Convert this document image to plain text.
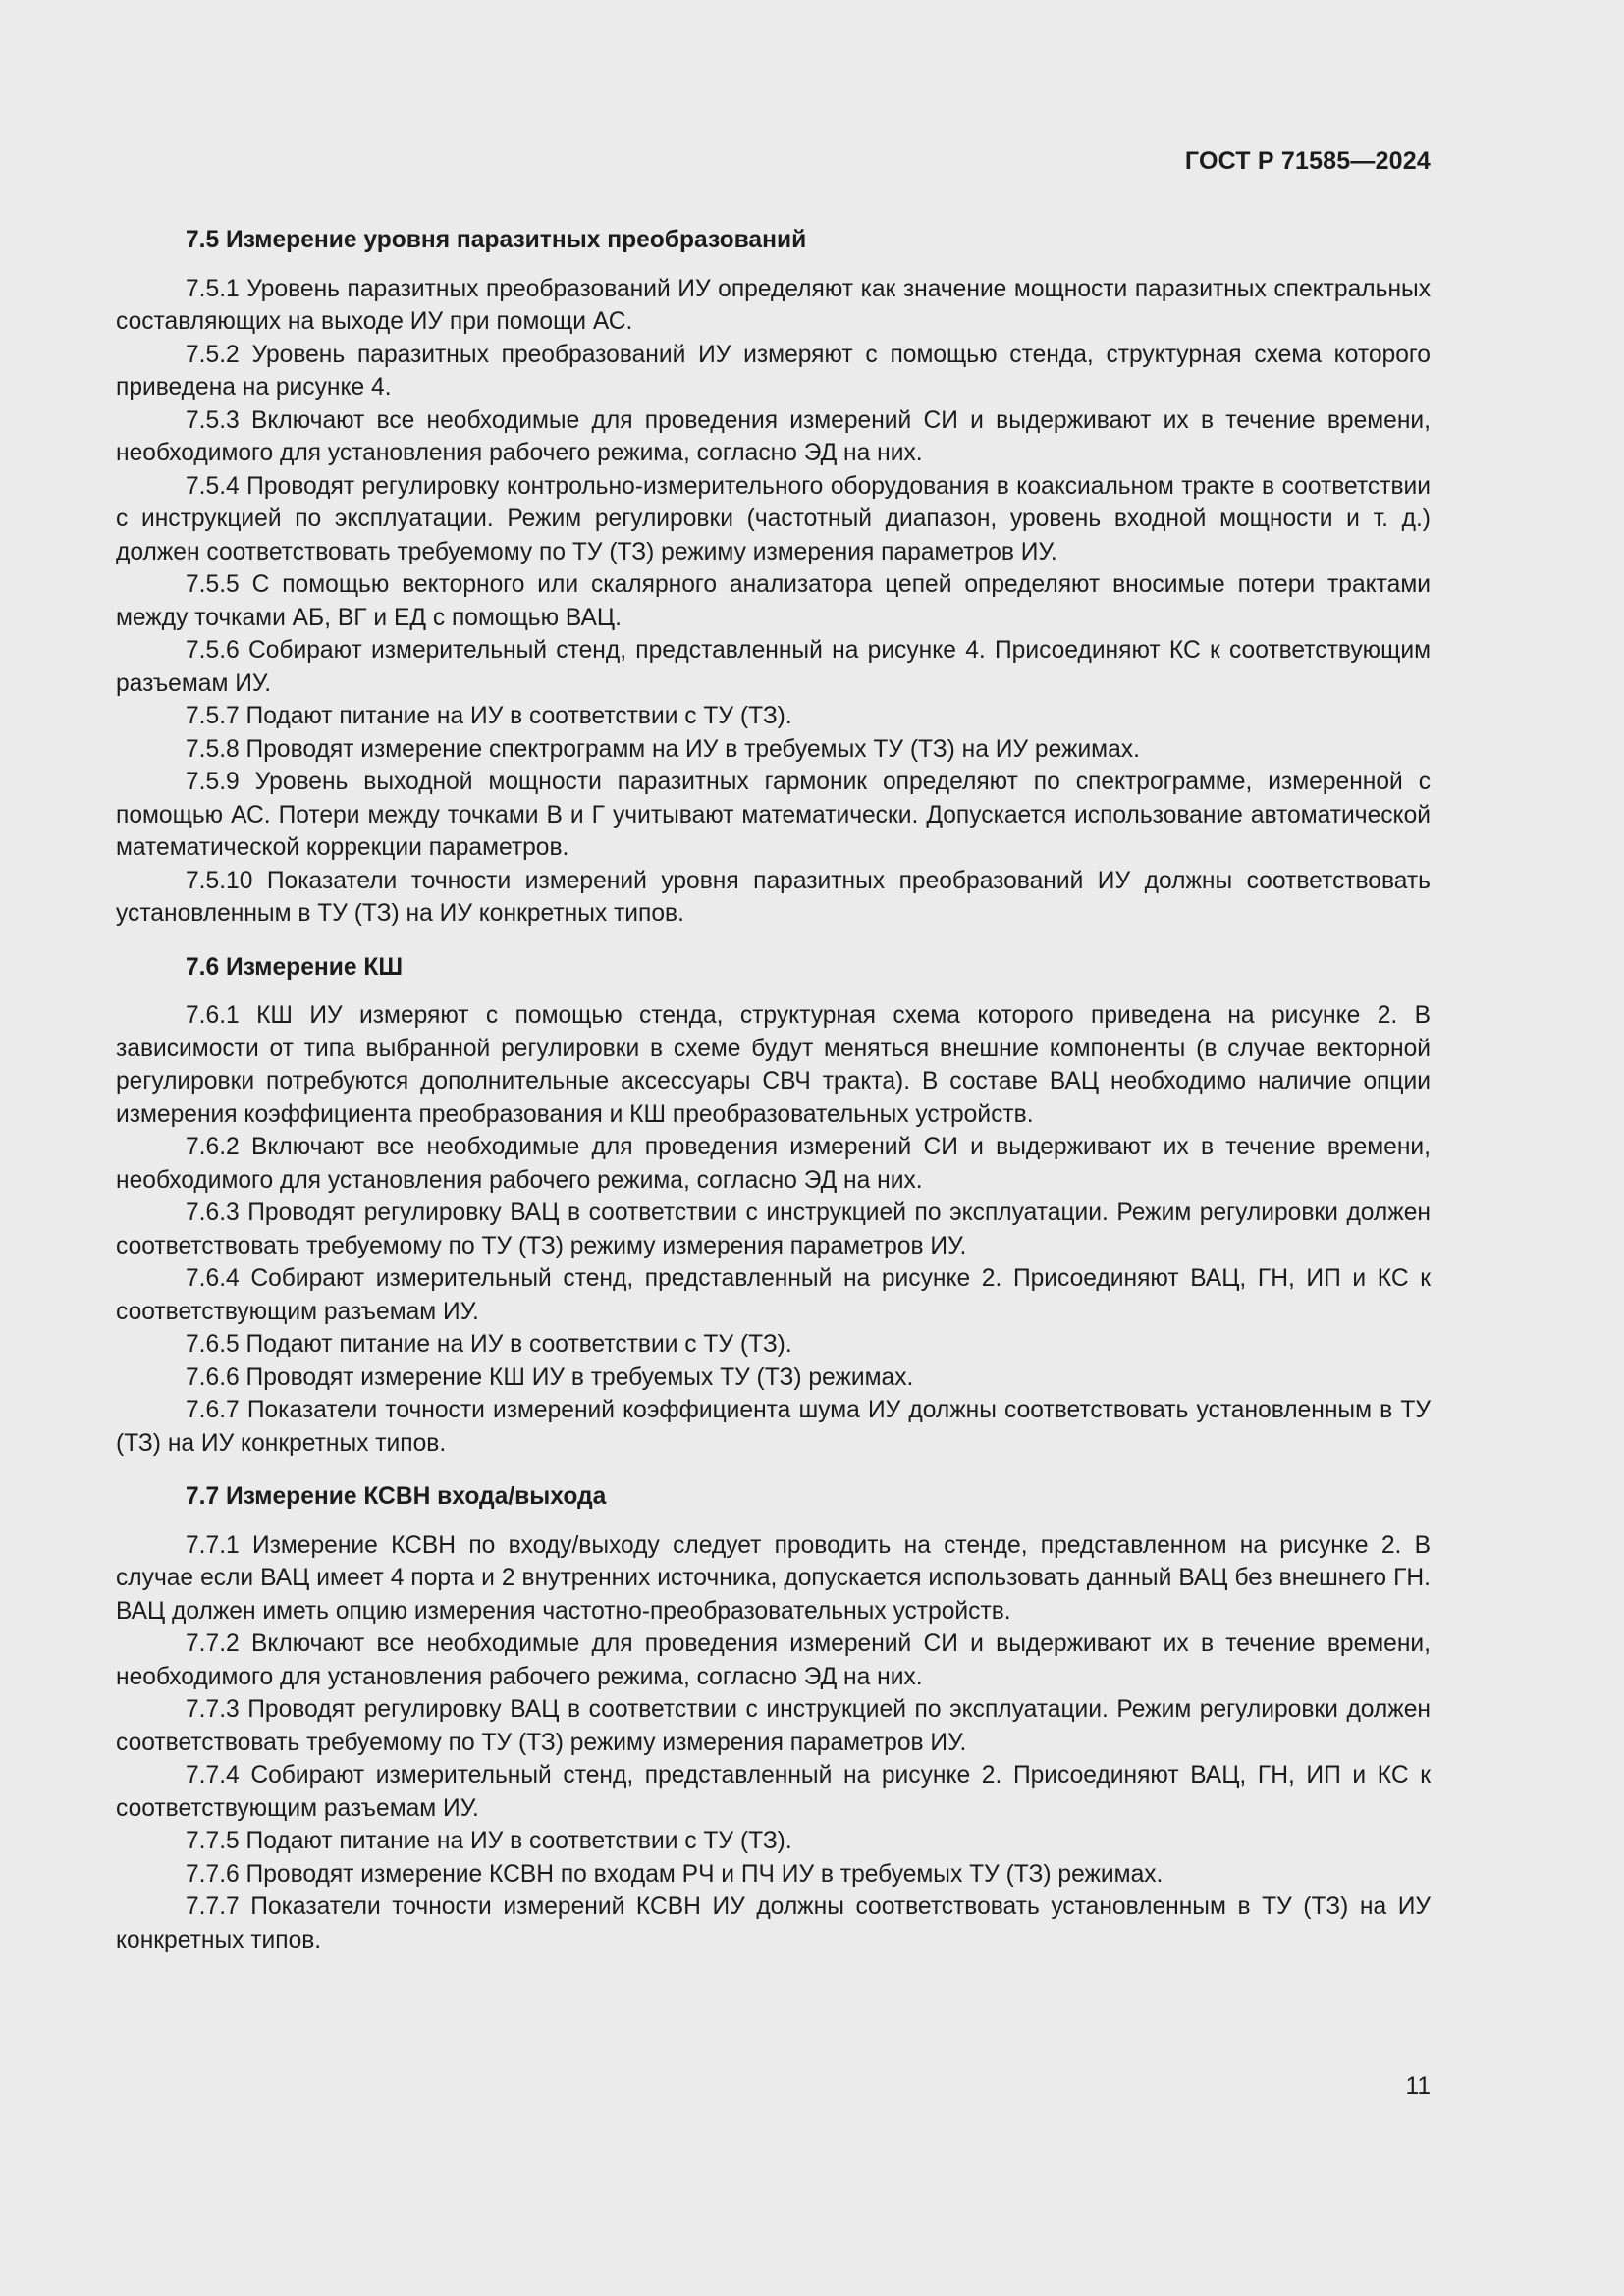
ГОСТ Р 71585—2024

7.5 Измерение уровня паразитных преобразований

7.5.1 Уровень паразитных преобразований ИУ определяют как значение мощности паразитных спектральных составляющих на выходе ИУ при помощи АС.

7.5.2 Уровень паразитных преобразований ИУ измеряют с помощью стенда, структурная схема которого приведена на рисунке 4.

7.5.3 Включают все необходимые для проведения измерений СИ и выдерживают их в течение времени, необходимого для установления рабочего режима, согласно ЭД на них.

7.5.4 Проводят регулировку контрольно-измерительного оборудования в коаксиальном тракте в соответствии с инструкцией по эксплуатации. Режим регулировки (частотный диапазон, уровень входной мощности и т. д.) должен соответствовать требуемому по ТУ (ТЗ) режиму измерения параметров ИУ.

7.5.5 С помощью векторного или скалярного анализатора цепей определяют вносимые потери трактами между точками АБ, ВГ и ЕД с помощью ВАЦ.

7.5.6 Собирают измерительный стенд, представленный на рисунке 4. Присоединяют КС к соответствующим разъемам ИУ.

7.5.7 Подают питание на ИУ в соответствии с ТУ (ТЗ).

7.5.8 Проводят измерение спектрограмм на ИУ в требуемых ТУ (ТЗ) на ИУ режимах.

7.5.9 Уровень выходной мощности паразитных гармоник определяют по спектрограмме, измеренной с помощью АС. Потери между точками В и Г учитывают математически. Допускается использование автоматической математической коррекции параметров.

7.5.10 Показатели точности измерений уровня паразитных преобразований ИУ должны соответствовать установленным в ТУ (ТЗ) на ИУ конкретных типов.

7.6 Измерение КШ

7.6.1 КШ ИУ измеряют с помощью стенда, структурная схема которого приведена на рисунке 2. В зависимости от типа выбранной регулировки в схеме будут меняться внешние компоненты (в случае векторной регулировки потребуются дополнительные аксессуары СВЧ тракта). В составе ВАЦ необходимо наличие опции измерения коэффициента преобразования и КШ преобразовательных устройств.

7.6.2 Включают все необходимые для проведения измерений СИ и выдерживают их в течение времени, необходимого для установления рабочего режима, согласно ЭД на них.

7.6.3 Проводят регулировку ВАЦ в соответствии с инструкцией по эксплуатации. Режим регулировки должен соответствовать требуемому по ТУ (ТЗ) режиму измерения параметров ИУ.

7.6.4 Собирают измерительный стенд, представленный на рисунке 2. Присоединяют ВАЦ, ГН, ИП и КС к соответствующим разъемам ИУ.

7.6.5 Подают питание на ИУ в соответствии с ТУ (ТЗ).

7.6.6 Проводят измерение КШ ИУ в требуемых ТУ (ТЗ) режимах.

7.6.7 Показатели точности измерений коэффициента шума ИУ должны соответствовать установленным в ТУ (ТЗ) на ИУ конкретных типов.

7.7 Измерение КСВН входа/выхода

7.7.1 Измерение КСВН по входу/выходу следует проводить на стенде, представленном на рисунке 2. В случае если ВАЦ имеет 4 порта и 2 внутренних источника, допускается использовать данный ВАЦ без внешнего ГН. ВАЦ должен иметь опцию измерения частотно-преобразовательных устройств.

7.7.2 Включают все необходимые для проведения измерений СИ и выдерживают их в течение времени, необходимого для установления рабочего режима, согласно ЭД на них.

7.7.3 Проводят регулировку ВАЦ в соответствии с инструкцией по эксплуатации. Режим регулировки должен соответствовать требуемому по ТУ (ТЗ) режиму измерения параметров ИУ.

7.7.4 Собирают измерительный стенд, представленный на рисунке 2. Присоединяют ВАЦ, ГН, ИП и КС к соответствующим разъемам ИУ.

7.7.5 Подают питание на ИУ в соответствии с ТУ (ТЗ).

7.7.6 Проводят измерение КСВН по входам РЧ и ПЧ ИУ в требуемых ТУ (ТЗ) режимах.

7.7.7 Показатели точности измерений КСВН ИУ должны соответствовать установленным в ТУ (ТЗ) на ИУ конкретных типов.

11
